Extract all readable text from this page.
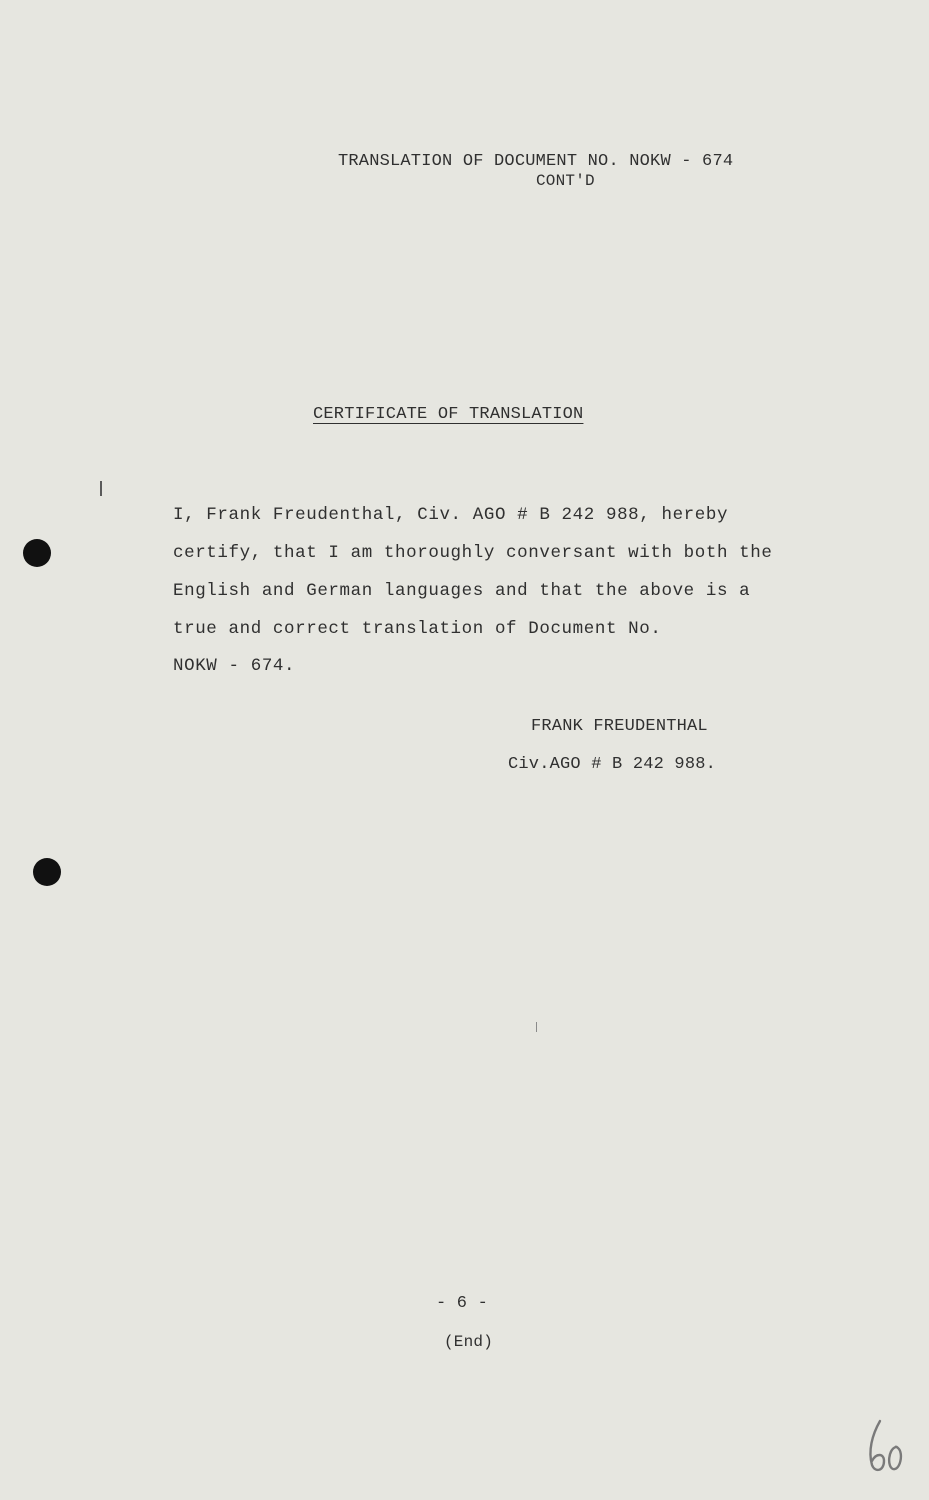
TRANSLATION OF DOCUMENT NO. NOKW - 674
CONT'D
CERTIFICATE OF TRANSLATION
I, Frank Freudenthal, Civ. AGO # B 242 988, hereby
certify, that I am thoroughly conversant with both the
English and German languages and that the above is a
true and correct translation of Document No.
NOKW - 674.
FRANK FREUDENTHAL
Civ.AGO # B 242 988.
- 6 -
(End)
